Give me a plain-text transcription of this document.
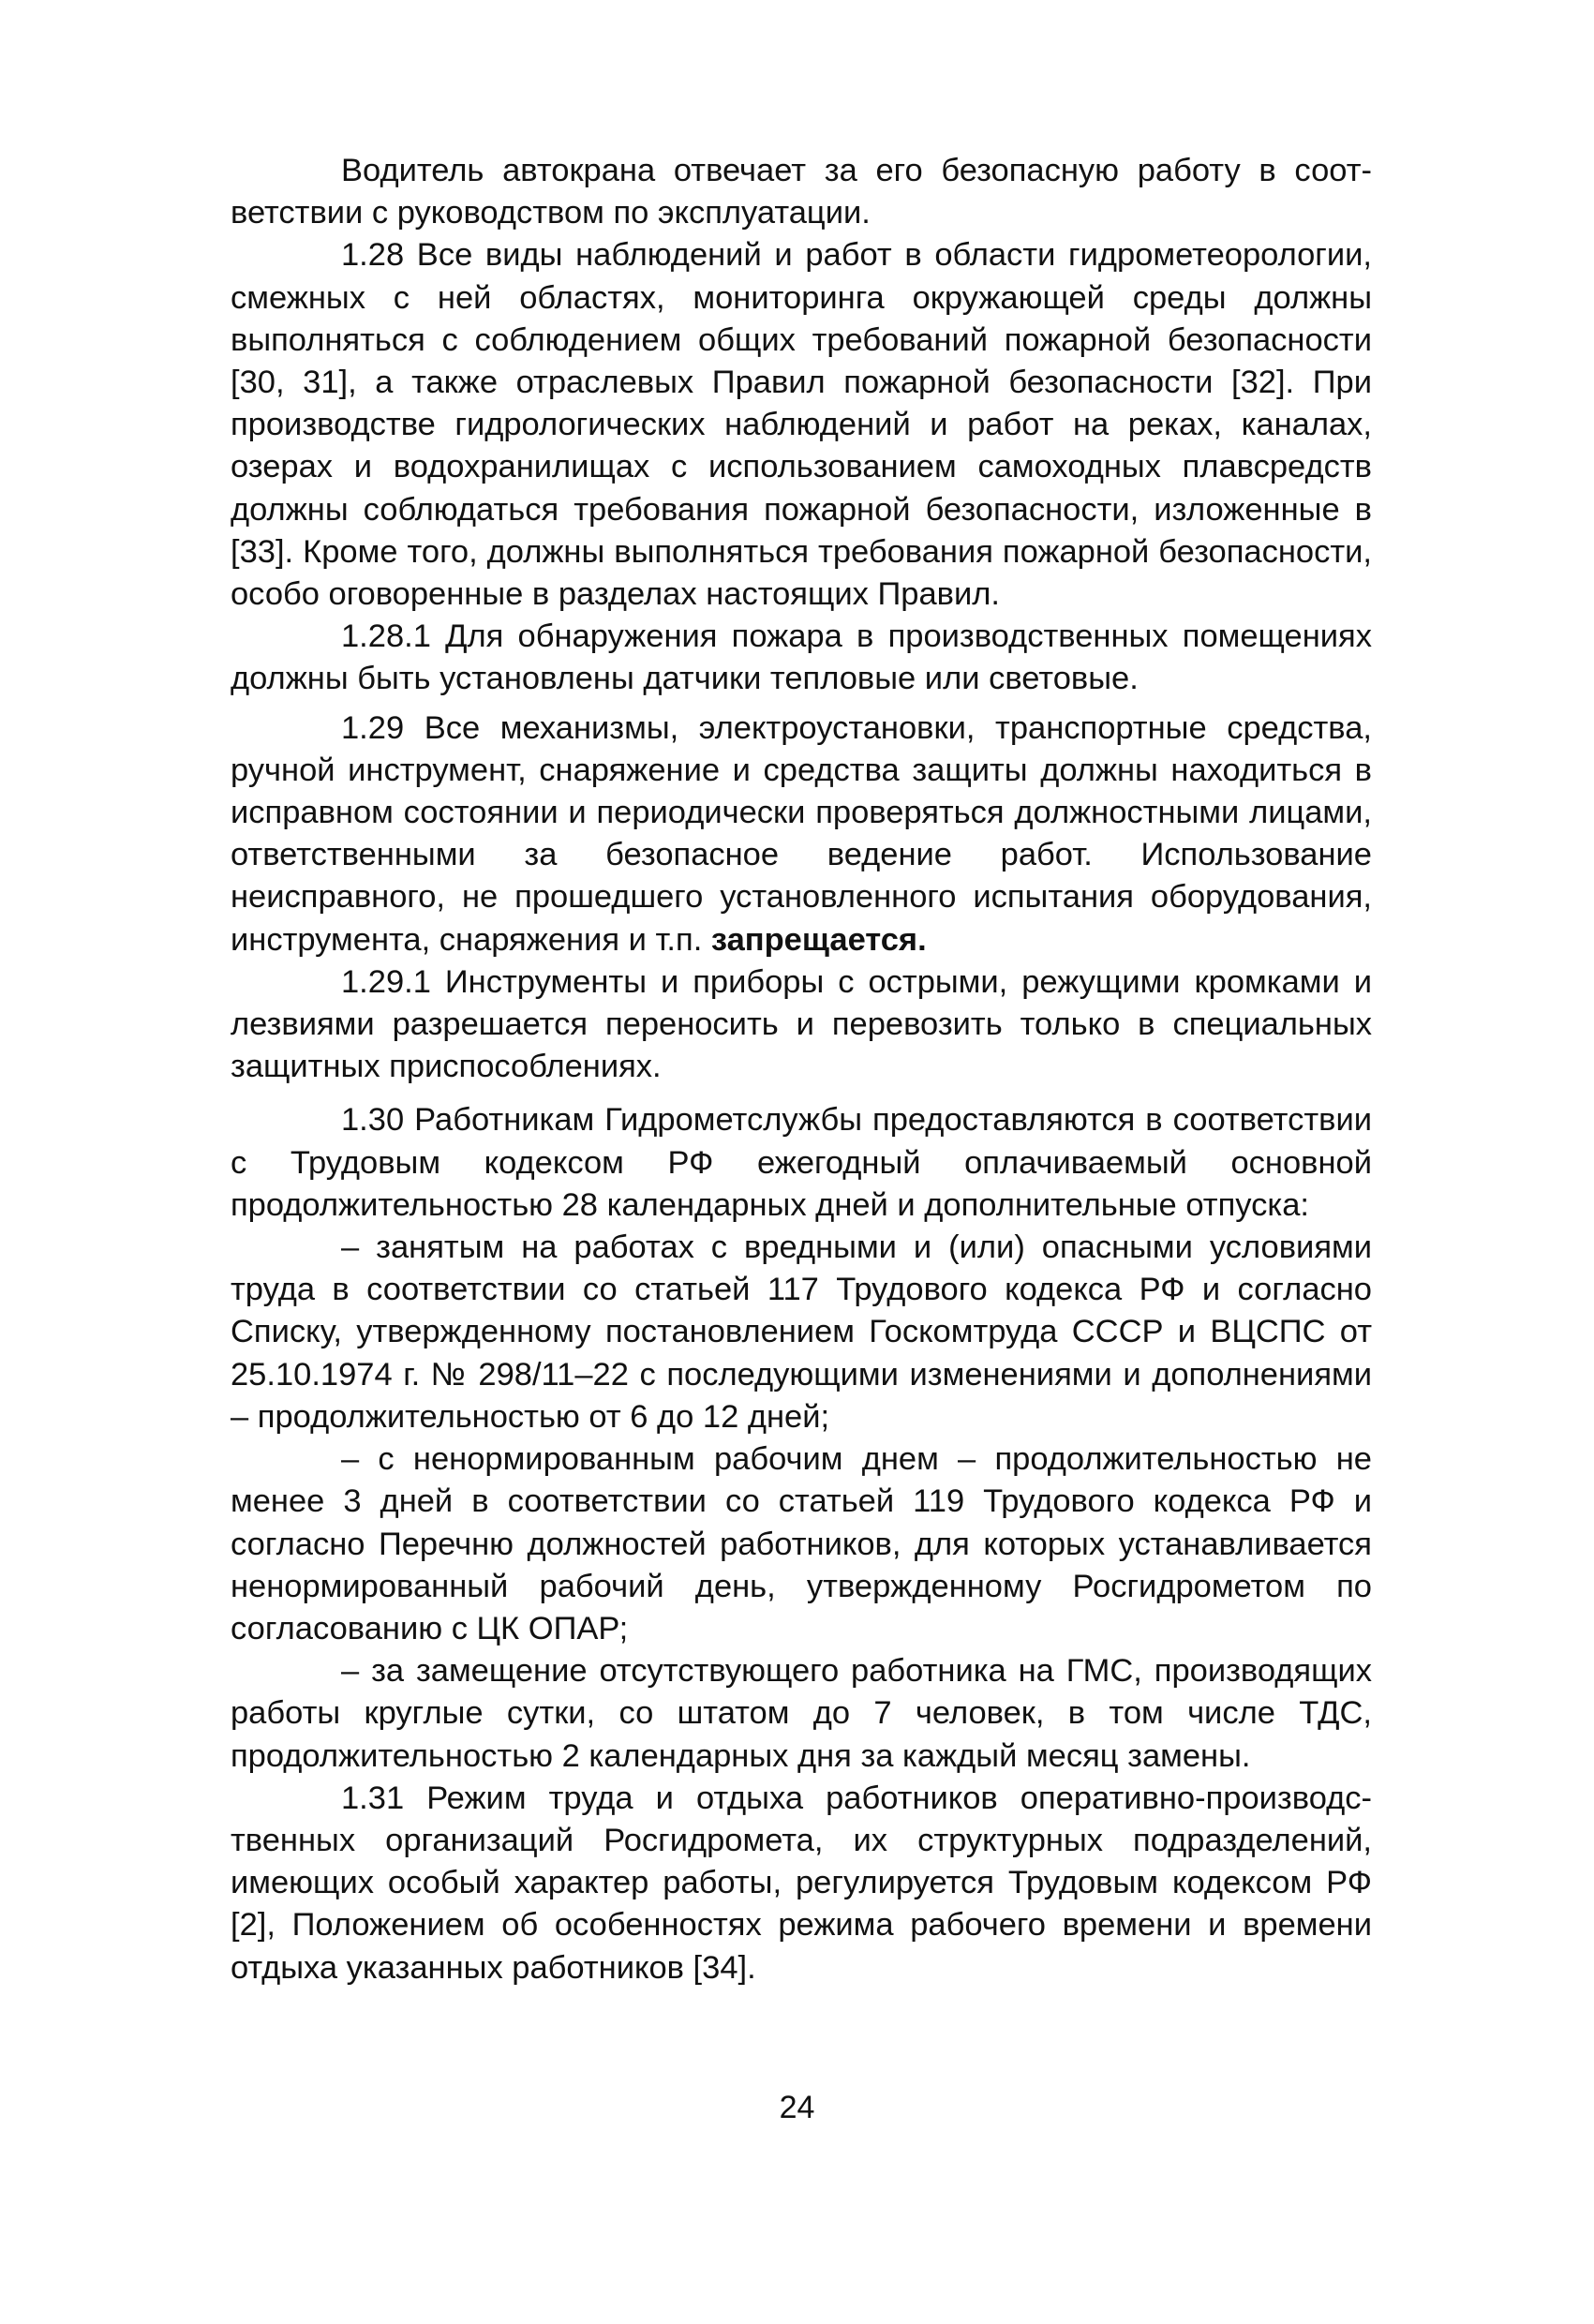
Водитель автокрана отвечает за его безопасную работу в соответствии с руководством по эксплуатации.

1.28 Все виды наблюдений и работ в области гидрометеорологии, смежных с ней областях, мониторинга окружающей среды должны выполняться с соблюдением общих требований пожарной безопасности [30, 31], а также отраслевых Правил пожарной безопасности [32]. При производстве гидрологических наблюдений и работ на реках, каналах, озерах и водохранилищах с использованием самоходных плавсредств должны соблюдаться требования пожарной безопасности, изложенные в [33]. Кроме того, должны выполняться требования пожарной безопасности, особо оговоренные в разделах настоящих Правил.

1.28.1 Для обнаружения пожара в производственных помещениях должны быть установлены датчики тепловые или световые.

1.29 Все механизмы, электроустановки, транспортные средства, ручной инструмент, снаряжение и средства защиты должны находиться в исправном состоянии и периодически проверяться должностными лицами, ответственными за безопасное ведение работ. Использование неисправного, не прошедшего установленного испытания оборудования, инструмента, снаряжения и т.п. запрещается.

1.29.1 Инструменты и приборы с острыми, режущими кромками и лезвиями разрешается переносить и перевозить только в специальных защитных приспособлениях.

1.30 Работникам Гидрометслужбы предоставляются в соответствии с Трудовым кодексом РФ ежегодный оплачиваемый основной продолжительностью 28 календарных дней и дополнительные отпуска:

– занятым на работах с вредными и (или) опасными условиями труда в соответствии со статьей 117 Трудового кодекса РФ и согласно Списку, утвержденному постановлением Госкомтруда СССР и ВЦСПС от 25.10.1974 г. № 298/11–22 с последующими изменениями и дополнениями – продолжительностью от 6 до 12 дней;

– с ненормированным рабочим днем – продолжительностью не менее 3 дней в соответствии со статьей 119 Трудового кодекса РФ и согласно Перечню должностей работников, для которых устанавливается ненормированный рабочий день, утвержденному Росгидрометом по согласованию с ЦК ОПАР;

– за замещение отсутствующего работника на ГМС, производящих работы круглые сутки, со штатом до 7 человек, в том числе ТДС, продолжительностью 2 календарных дня за каждый месяц замены.

1.31 Режим труда и отдыха работников оперативно-производственных организаций Росгидромета, их структурных подразделений, имеющих особый характер работы, регулируется Трудовым кодексом РФ [2], Положением об особенностях режима рабочего времени и времени отдыха указанных работников [34].

24
